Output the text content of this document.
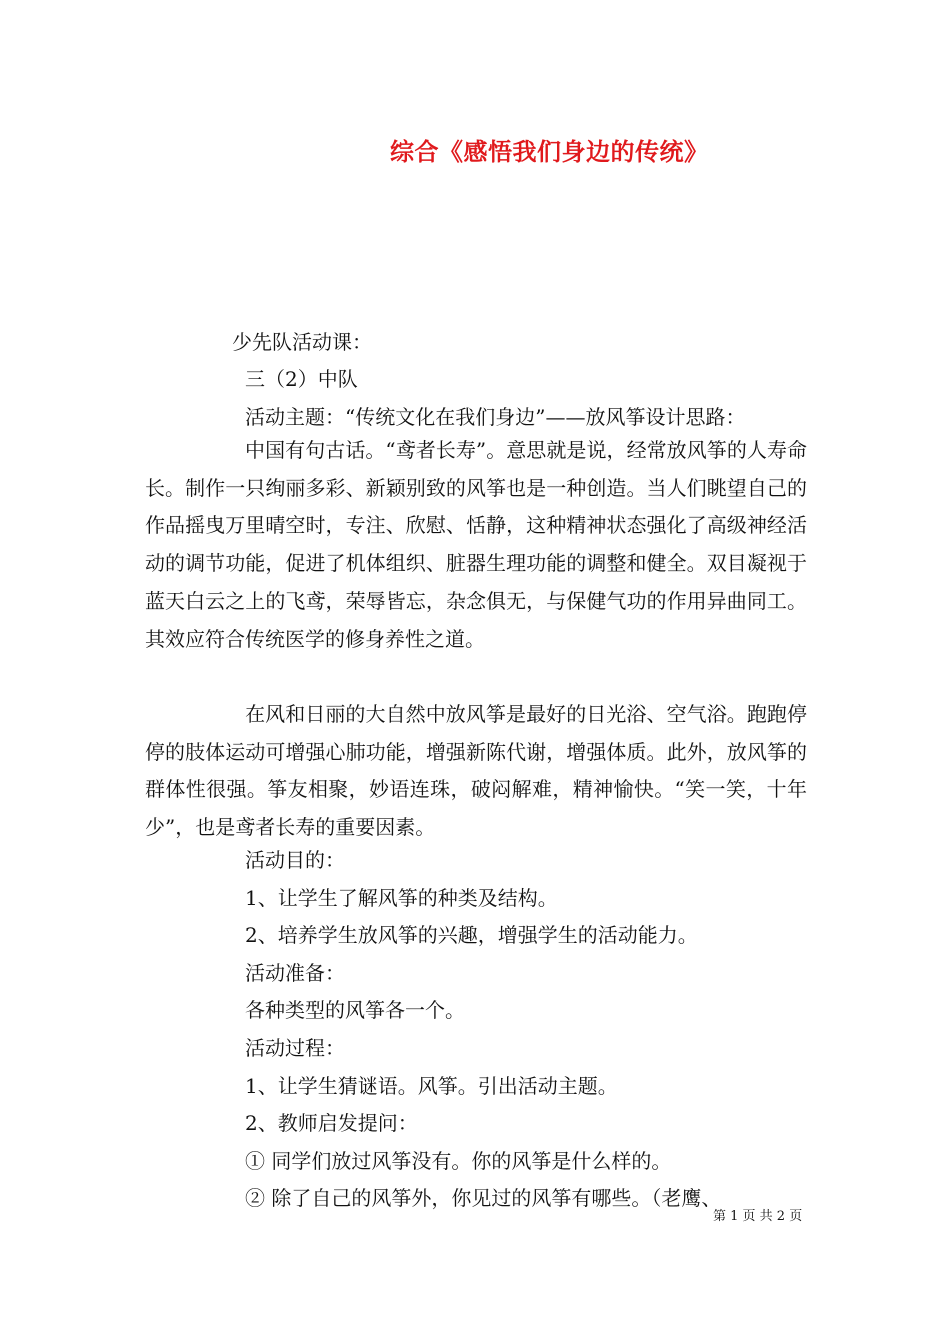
综合《感悟我们身边的传统》
少先队活动课：
三（2）中队
活动主题：“传统文化在我们身边”——放风筝设计思路：
中国有句古话。“鸢者长寿”。意思就是说，经常放风筝的人寿命长。制作一只绚丽多彩、新颖别致的风筝也是一种创造。当人们眺望自己的作品摇曳万里晴空时，专注、欣慰、恬静，这种精神状态强化了高级神经活动的调节功能，促进了机体组织、脏器生理功能的调整和健全。双目凝视于蓝天白云之上的飞鸢，荣辱皆忘，杂念俱无，与保健气功的作用异曲同工。其效应符合传统医学的修身养性之道。
在风和日丽的大自然中放风筝是最好的日光浴、空气浴。跑跑停停的肢体运动可增强心肺功能，增强新陈代谢，增强体质。此外，放风筝的群体性很强。筝友相聚，妙语连珠，破闷解难，精神愉快。“笑一笑，十年少”，也是鸢者长寿的重要因素。
活动目的：
1、让学生了解风筝的种类及结构。
2、培养学生放风筝的兴趣，增强学生的活动能力。
活动准备：
各种类型的风筝各一个。
活动过程：
1、让学生猜谜语。风筝。引出活动主题。
2、教师启发提问：
① 同学们放过风筝没有。你的风筝是什么样的。
② 除了自己的风筝外，你见过的风筝有哪些。（老鹰、
第 1 页 共 2 页
